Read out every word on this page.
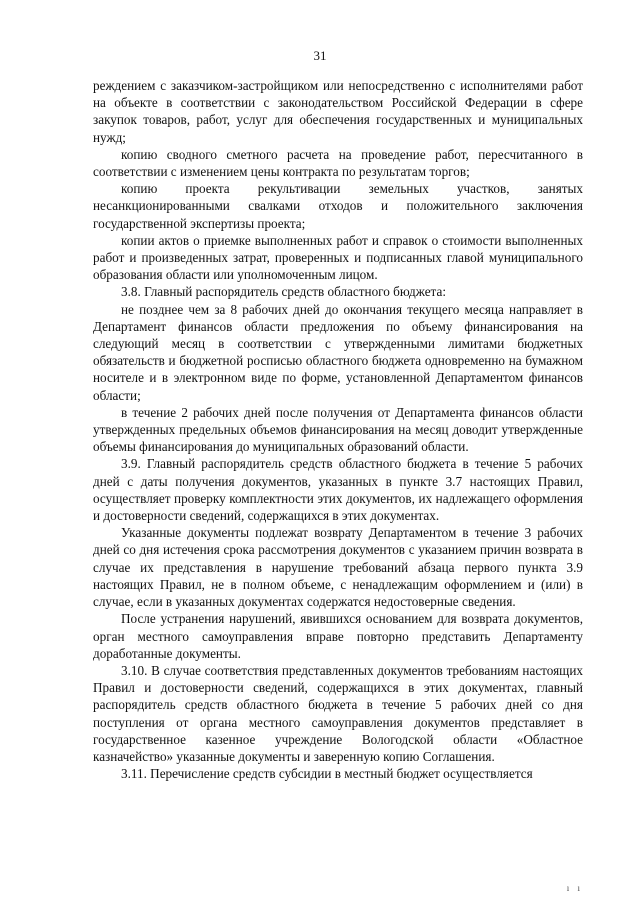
31

реждением с заказчиком-застройщиком или непосредственно с исполнителями работ на объекте в соответствии с законодательством Российской Федерации в сфере закупок товаров, работ, услуг для обеспечения государственных и муниципальных нужд;

копию сводного сметного расчета на проведение работ, пересчитанного в соответствии с изменением цены контракта по результатам торгов;

копию проекта рекультивации земельных участков, занятых несанкционированными свалками отходов и положительного заключения государственной экспертизы проекта;

копии актов о приемке выполненных работ и справок о стоимости выполненных работ и произведенных затрат, проверенных и подписанных главой муниципального образования области или уполномоченным лицом.

3.8. Главный распорядитель средств областного бюджета:

не позднее чем за 8 рабочих дней до окончания текущего месяца направляет в Департамент финансов области предложения по объему финансирования на следующий месяц в соответствии с утвержденными лимитами бюджетных обязательств и бюджетной росписью областного бюджета одновременно на бумажном носителе и в электронном виде по форме, установленной Департаментом финансов области;

в течение 2 рабочих дней после получения от Департамента финансов области утвержденных предельных объемов финансирования на месяц доводит утвержденные объемы финансирования до муниципальных образований области.

3.9. Главный распорядитель средств областного бюджета в течение 5 рабочих дней с даты получения документов, указанных в пункте 3.7 настоящих Правил, осуществляет проверку комплектности этих документов, их надлежащего оформления и достоверности сведений, содержащихся в этих документах.

Указанные документы подлежат возврату Департаментом в течение 3 рабочих дней со дня истечения срока рассмотрения документов с указанием причин возврата в случае их представления в нарушение требований абзаца первого пункта 3.9 настоящих Правил, не в полном объеме, с ненадлежащим оформлением и (или) в случае, если в указанных документах содержатся недостоверные сведения.

После устранения нарушений, явившихся основанием для возврата документов, орган местного самоуправления вправе повторно представить Департаменту доработанные документы.

3.10. В случае соответствия представленных документов требованиям настоящих Правил и достоверности сведений, содержащихся в этих документах, главный распорядитель средств областного бюджета в течение 5 рабочих дней со дня поступления от органа местного самоуправления документов представляет в государственное казенное учреждение Вологодской области «Областное казначейство» указанные документы и заверенную копию Соглашения.

3.11. Перечисление средств субсидии в местный бюджет осуществляется

ı ı
